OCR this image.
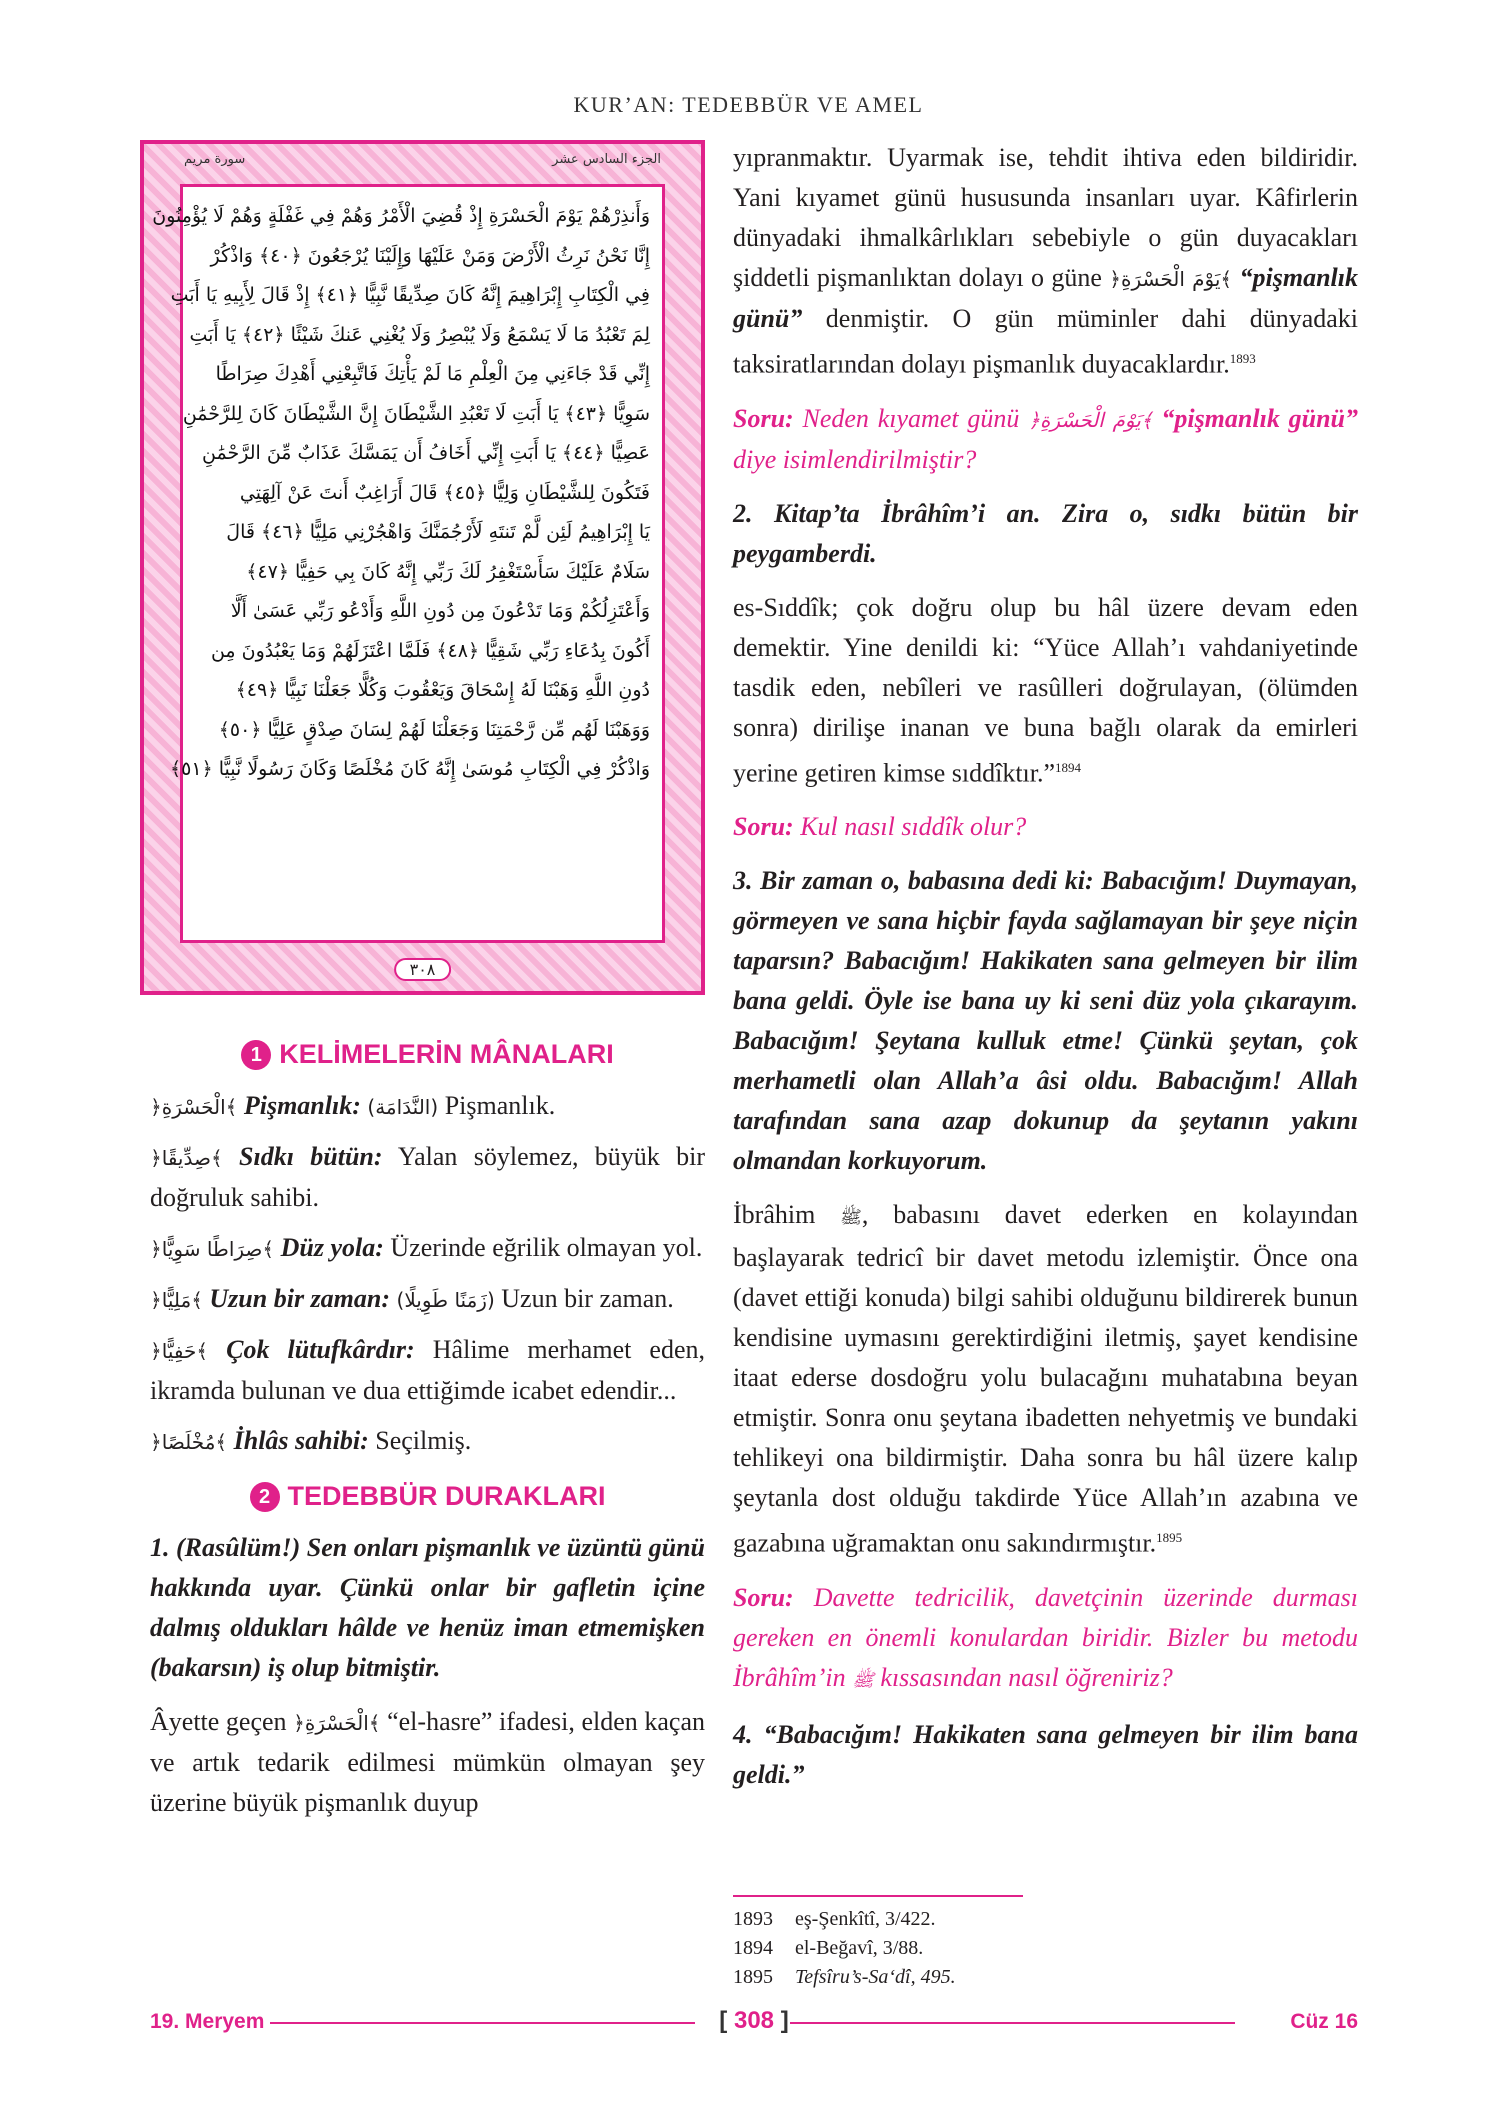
KUR’AN: TEDEBBÜR VE AMEL
الجزء السادس عشر
سورة مريم
وَأَنذِرْهُمْ يَوْمَ الْحَسْرَةِ إِذْ قُضِيَ الْأَمْرُ وَهُمْ فِي غَفْلَةٍ وَهُمْ لَا يُؤْمِنُونَ
إِنَّا نَحْنُ نَرِثُ الْأَرْضَ وَمَنْ عَلَيْهَا وَإِلَيْنَا يُرْجَعُونَ ﴿٤٠﴾ وَاذْكُرْ
فِي الْكِتَابِ إِبْرَاهِيمَ إِنَّهُ كَانَ صِدِّيقًا نَّبِيًّا ﴿٤١﴾ إِذْ قَالَ لِأَبِيهِ يَا أَبَتِ
لِمَ تَعْبُدُ مَا لَا يَسْمَعُ وَلَا يُبْصِرُ وَلَا يُغْنِي عَنكَ شَيْئًا ﴿٤٢﴾ يَا أَبَتِ
إِنِّي قَدْ جَاءَنِي مِنَ الْعِلْمِ مَا لَمْ يَأْتِكَ فَاتَّبِعْنِي أَهْدِكَ صِرَاطًا
سَوِيًّا ﴿٤٣﴾ يَا أَبَتِ لَا تَعْبُدِ الشَّيْطَانَ إِنَّ الشَّيْطَانَ كَانَ لِلرَّحْمَٰنِ
عَصِيًّا ﴿٤٤﴾ يَا أَبَتِ إِنِّي أَخَافُ أَن يَمَسَّكَ عَذَابٌ مِّنَ الرَّحْمَٰنِ
فَتَكُونَ لِلشَّيْطَانِ وَلِيًّا ﴿٤٥﴾ قَالَ أَرَاغِبٌ أَنتَ عَنْ آلِهَتِي
يَا إِبْرَاهِيمُ لَئِن لَّمْ تَنتَهِ لَأَرْجُمَنَّكَ وَاهْجُرْنِي مَلِيًّا ﴿٤٦﴾ قَالَ
سَلَامٌ عَلَيْكَ سَأَسْتَغْفِرُ لَكَ رَبِّي إِنَّهُ كَانَ بِي حَفِيًّا ﴿٤٧﴾
وَأَعْتَزِلُكُمْ وَمَا تَدْعُونَ مِن دُونِ اللَّهِ وَأَدْعُو رَبِّي عَسَىٰ أَلَّا
أَكُونَ بِدُعَاءِ رَبِّي شَقِيًّا ﴿٤٨﴾ فَلَمَّا اعْتَزَلَهُمْ وَمَا يَعْبُدُونَ مِن
دُونِ اللَّهِ وَهَبْنَا لَهُ إِسْحَاقَ وَيَعْقُوبَ وَكُلًّا جَعَلْنَا نَبِيًّا ﴿٤٩﴾
وَوَهَبْنَا لَهُم مِّن رَّحْمَتِنَا وَجَعَلْنَا لَهُمْ لِسَانَ صِدْقٍ عَلِيًّا ﴿٥٠﴾
وَاذْكُرْ فِي الْكِتَابِ مُوسَىٰ إِنَّهُ كَانَ مُخْلَصًا وَكَانَ رَسُولًا نَّبِيًّا ﴿٥١﴾
٣٠٨
1 KELİMELERİN MÂNALARI

﴿الْحَسْرَةِ﴾ Pişmanlık: (النَّدَامَة) Pişmanlık.

﴿صِدِّيقًا﴾ Sıdkı bütün: Yalan söylemez, büyük bir doğruluk sahibi.

﴿صِرَاطًا سَوِيًّا﴾ Düz yola: Üzerinde eğrilik olmayan yol.

﴿مَلِيًّا﴾ Uzun bir zaman: (زَمَنًا طَوِيلًا) Uzun bir zaman.

﴿حَفِيًّا﴾ Çok lütufkârdır: Hâlime merhamet eden, ikramda bulunan ve dua ettiğimde icabet edendir...

﴿مُخْلَصًا﴾ İhlâs sahibi: Seçilmiş.

2 TEDEBBÜR DURAKLARI

1. (Rasûlüm!) Sen onları pişmanlık ve üzüntü günü hakkında uyar. Çünkü onlar bir gafletin içine dalmış oldukları hâlde ve henüz iman etmemişken (bakarsın) iş olup bitmiştir.

Âyette geçen ﴿الْحَسْرَةِ﴾ “el-hasre” ifadesi, elden kaçan ve artık tedarik edilmesi mümkün olmayan şey üzerine büyük pişmanlık duyup

yıpranmaktır. Uyarmak ise, tehdit ihtiva eden bildiridir. Yani kıyamet günü hususunda insanları uyar. Kâfirlerin dünyadaki ihmalkârlıkları sebebiyle o gün duyacakları şiddetli pişmanlıktan dolayı o güne ﴿يَوْمَ الْحَسْرَةِ﴾ “pişmanlık günü” denmiştir. O gün müminler dahi dünyadaki taksiratlarından dolayı pişmanlık duyacaklardır.$^{1893}$

Soru: Neden kıyamet günü ﴿يَوْمَ الْحَسْرَةِ﴾ “pişmanlık günü” diye isimlendirilmiştir?

2. Kitap’ta İbrâhîm’i an. Zira o, sıdkı bütün bir peygamberdi.

es-Sıddîk; çok doğru olup bu hâl üzere devam eden demektir. Yine denildi ki: “Yüce Allah’ı vahdaniyetinde tasdik eden, nebîleri ve rasûlleri doğrulayan, (ölümden sonra) dirilişe inanan ve buna bağlı olarak da emirleri yerine getiren kimse sıddîktır.”$^{1894}$

Soru: Kul nasıl sıddîk olur?

3. Bir zaman o, babasına dedi ki: Babacığım! Duymayan, görmeyen ve sana hiçbir fayda sağlamayan bir şeye niçin taparsın? Babacığım! Hakikaten sana gelmeyen bir ilim bana geldi. Öyle ise bana uy ki seni düz yola çıkarayım. Babacığım! Şeytana kulluk etme! Çünkü şeytan, çok merhametli olan Allah’a âsi oldu. Babacığım! Allah tarafından sana azap dokunup da şeytanın yakını olmandan korkuyorum.

İbrâhim ﷺ, babasını davet ederken en kolayından başlayarak tedricî bir davet metodu izlemiştir. Önce ona (davet ettiği konuda) bilgi sahibi olduğunu bildirerek bunun kendisine uymasını gerektirdiğini iletmiş, şayet kendisine itaat ederse dosdoğru yolu bulacağını muhatabına beyan etmiştir. Sonra onu şeytana ibadetten nehyetmiş ve bundaki tehlikeyi ona bildirmiştir. Daha sonra bu hâl üzere kalıp şeytanla dost olduğu takdirde Yüce Allah’ın azabına ve gazabına uğramaktan onu sakındırmıştır.$^{1895}$

Soru: Davette tedricilik, davetçinin üzerinde durması gereken en önemli konulardan biridir. Bizler bu metodu İbrâhîm’in ﷺ kıssasından nasıl öğreniriz?

4. “Babacığım! Hakikaten sana gelmeyen bir ilim bana geldi.”

1893 eş-Şenkîtî, 3/422.
1894 el-Beğavî, 3/88.
1895 Tefsîru’s-Sa‘dî, 495.
19. Meryem	[ 308 ]	Cüz 16
